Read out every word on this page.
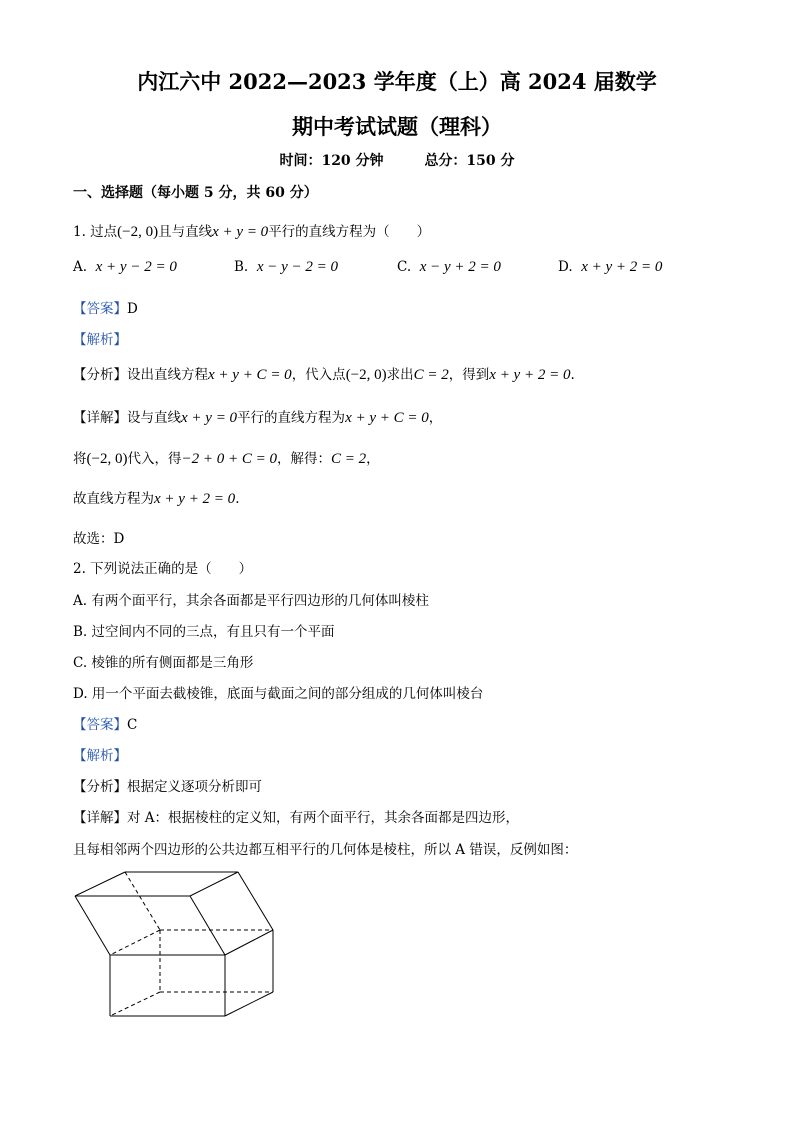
内江六中 2022—2023 学年度（上）高 2024 届数学
期中考试试题（理科）
时间：120 分钟	总分：150 分
一、选择题（每小题 5 分，共 60 分）
1. 过点(−2, 0)且与直线x + y = 0平行的直线方程为（　　）
A. x + y − 2 = 0	B. x − y − 2 = 0	C. x − y + 2 = 0	D. x + y + 2 = 0
【答案】D
【解析】
【分析】设出直线方程x + y + C = 0，代入点(−2, 0)求出C = 2，得到x + y + 2 = 0.
【详解】设与直线x + y = 0平行的直线方程为x + y + C = 0，
将(−2, 0)代入，得−2 + 0 + C = 0，解得：C = 2，
故直线方程为x + y + 2 = 0.
故选：D
2. 下列说法正确的是（　　）
A. 有两个面平行，其余各面都是平行四边形的几何体叫棱柱
B. 过空间内不同的三点，有且只有一个平面
C. 棱锥的所有侧面都是三角形
D. 用一个平面去截棱锥，底面与截面之间的部分组成的几何体叫棱台
【答案】C
【解析】
【分析】根据定义逐项分析即可
【详解】对 A：根据棱柱的定义知，有两个面平行，其余各面都是四边形，
且每相邻两个四边形的公共边都互相平行的几何体是棱柱，所以 A 错误，反例如图：
